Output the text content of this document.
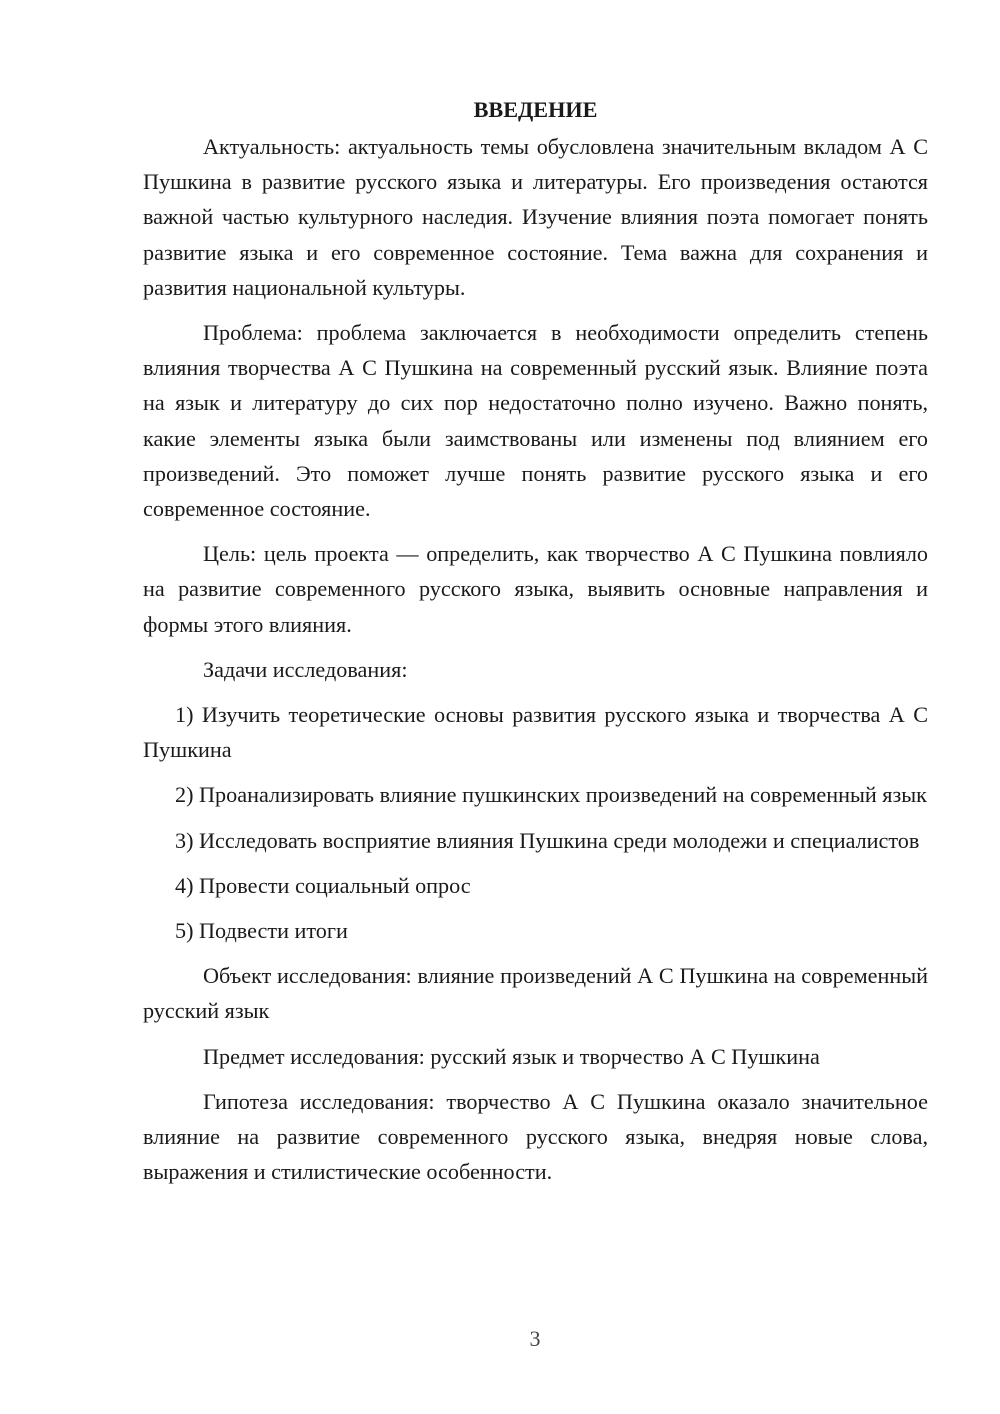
ВВЕДЕНИЕ

Актуальность: актуальность темы обусловлена значительным вкладом А С Пушкина в развитие русского языка и литературы. Его произведения остаются важной частью культурного наследия. Изучение влияния поэта помогает понять развитие языка и его современное состояние. Тема важна для сохранения и развития национальной культуры.

Проблема: проблема заключается в необходимости определить степень влияния творчества А С Пушкина на современный русский язык. Влияние поэта на язык и литературу до сих пор недостаточно полно изучено. Важно понять, какие элементы языка были заимствованы или изменены под влиянием его произведений. Это поможет лучше понять развитие русского языка и его современное состояние.

Цель: цель проекта — определить, как творчество А С Пушкина повлияло на развитие современного русского языка, выявить основные направления и формы этого влияния.

Задачи исследования:

1) Изучить теоретические основы развития русского языка и творчества А С Пушкина

2) Проанализировать влияние пушкинских произведений на современный язык

3) Исследовать восприятие влияния Пушкина среди молодежи и специалистов

4) Провести социальный опрос

5) Подвести итоги

Объект исследования: влияние произведений А С Пушкина на современный русский язык

Предмет исследования: русский язык и творчество А С Пушкина

Гипотеза исследования: творчество А С Пушкина оказало значительное влияние на развитие современного русского языка, внедряя новые слова, выражения и стилистические особенности.

3
